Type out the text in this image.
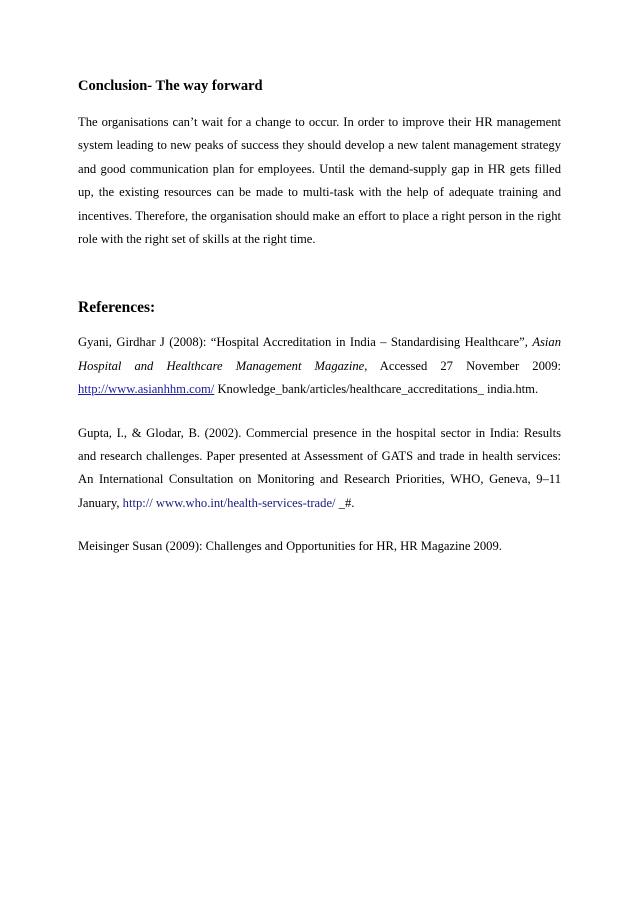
Conclusion- The way forward

The organisations can’t wait for a change to occur. In order to improve their HR management system leading to new peaks of success they should develop a new talent management strategy and good communication plan for employees. Until the demand-supply gap in HR gets filled up, the existing resources can be made to multi-task with the help of adequate training and incentives. Therefore, the organisation should make an effort to place a right person in the right role with the right set of skills at the right time.

References:

Gyani, Girdhar J (2008): “Hospital Accreditation in India – Standardising Healthcare”, Asian Hospital and Healthcare Management Magazine, Accessed 27 November 2009: http://www.asianhhm.com/ Knowledge_bank/articles/healthcare_accreditations_ india.htm.

Gupta, I., & Glodar, B. (2002). Commercial presence in the hospital sector in India: Results and research challenges. Paper presented at Assessment of GATS and trade in health services: An International Consultation on Monitoring and Research Priorities, WHO, Geneva, 9–11 January, http:// www.who.int/health-services-trade/ _#.

Meisinger Susan (2009): Challenges and Opportunities for HR, HR Magazine 2009.
